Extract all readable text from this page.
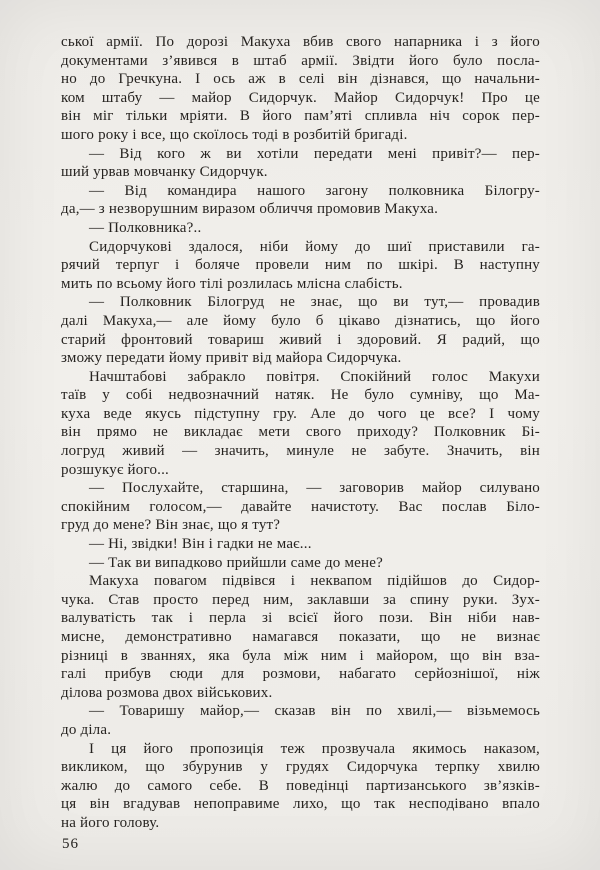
ської армії. По дорозі Макуха вбив свого напарника і з його
документами з’явився в штаб армії. Звідти його було посла-
но до Гречкуна. І ось аж в селі він дізнався, що начальни-
ком штабу — майор Сидорчук. Майор Сидорчук! Про це
він міг тільки мріяти. В його пам’яті спливла ніч сорок пер-
шого року і все, що скоїлось тоді в розбитій бригаді.
— Від кого ж ви хотіли передати мені привіт?— пер-
ший урвав мовчанку Сидорчук.
— Від командира нашого загону полковника Білогру-
да,— з незворушним виразом обличчя промовив Макуха.
— Полковника?..
Сидорчукові здалося, ніби йому до шиї приставили га-
рячий терпуг і боляче провели ним по шкірі. В наступну
мить по всьому його тілі розлилась млісна слабість.
— Полковник Білогруд не знає, що ви тут,— провадив
далі Макуха,— але йому було б цікаво дізнатись, що його
старий фронтовий товариш живий і здоровий. Я радий, що
зможу передати йому привіт від майора Сидорчука.
Начштабові забракло повітря. Спокійний голос Макухи
таїв у собі недвозначний натяк. Не було сумніву, що Ма-
куха веде якусь підступну гру. Але до чого це все? І чому
він прямо не викладає мети свого приходу? Полковник Бі-
логруд живий — значить, минуле не забуте. Значить, він
розшукує його...
— Послухайте, старшина, — заговорив майор силувано
спокійним голосом,— давайте начистоту. Вас послав Біло-
груд до мене? Він знає, що я тут?
— Ні, звідки! Він і гадки не має...
— Так ви випадково прийшли саме до мене?
Макуха повагом підвівся і неквапом підійшов до Сидор-
чука. Став просто перед ним, заклавши за спину руки. Зух-
валуватість так і перла зі всієї його пози. Він ніби нав-
мисне, демонстративно намагався показати, що не визнає
різниці в званнях, яка була між ним і майором, що він вза-
галі прибув сюди для розмови, набагато серйознішої, ніж
ділова розмова двох військових.
— Товаришу майор,— сказав він по хвилі,— візьмемось
до діла.
І ця його пропозиція теж прозвучала якимось наказом,
викликом, що збурунив у грудях Сидорчука терпку хвилю
жалю до самого себе. В поведінці партизанського зв’язків-
ця він вгадував непоправиме лихо, що так несподівано впало
на його голову.
56
